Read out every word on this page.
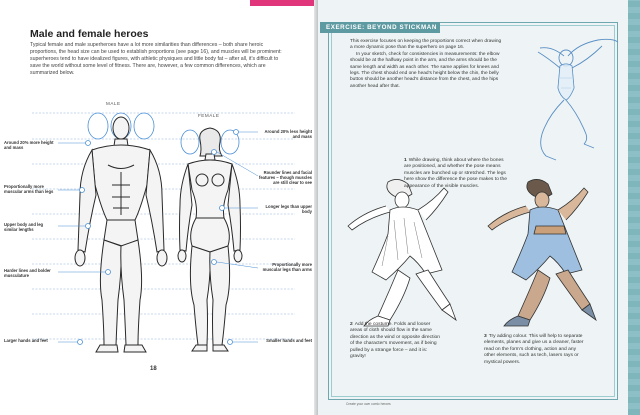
Male and female heroes
Typical female and male superheroes have a lot more similarities than differences – both share heroic proportions, the head size can be used to establish proportions (see page 16), and muscles will be prominent: superheroes tend to have idealized figures, with athletic physiques and little body fat – after all, it's difficult to save the world without some level of fitness. There are, however, a few common differences, which are summarized below.
MALE
FEMALE
Around 20% more height and mass
Proportionally more muscular arms than legs
Upper body and leg similar lengths
Harder lines and bolder musculature
Larger hands and feet
Around 20% less height and mass
Rounder lines and facial features – though muscles are still clear to see
Longer legs than upper body
Proportionally more muscular legs than arms
Smaller hands and feet
18
EXERCISE: BEYOND STICKMAN

This exercise focuses on keeping the proportions correct when drawing a more dynamic pose than the superhero on page 16.

In your sketch, check for consistencies in measurements: the elbow should be at the halfway point in the arm, and the arms should be the same length and width as each other. The same applies for knees and legs. The chest should end one head's height below the chin, the belly button should be another head's distance from the chest, and the hips another head after that.

1 While drawing, think about where the bones are positioned, and whether the pose means muscles are bunched up or stretched. The legs here show the difference the pose makes to the appearance of the visible muscles.
2 Add the costume. Folds and looser areas of cloth should flow in the same direction as the wind or opposite direction of the character's movement, as if being pulled by a strange force – and it is: gravity!
3 Try adding colour. This will help to separate elements, planes and give us a cleaner, faster read on the form's clothing, action and any other elements, such as tech, lasers rays or mystical powers.
Create your own comic heroes
